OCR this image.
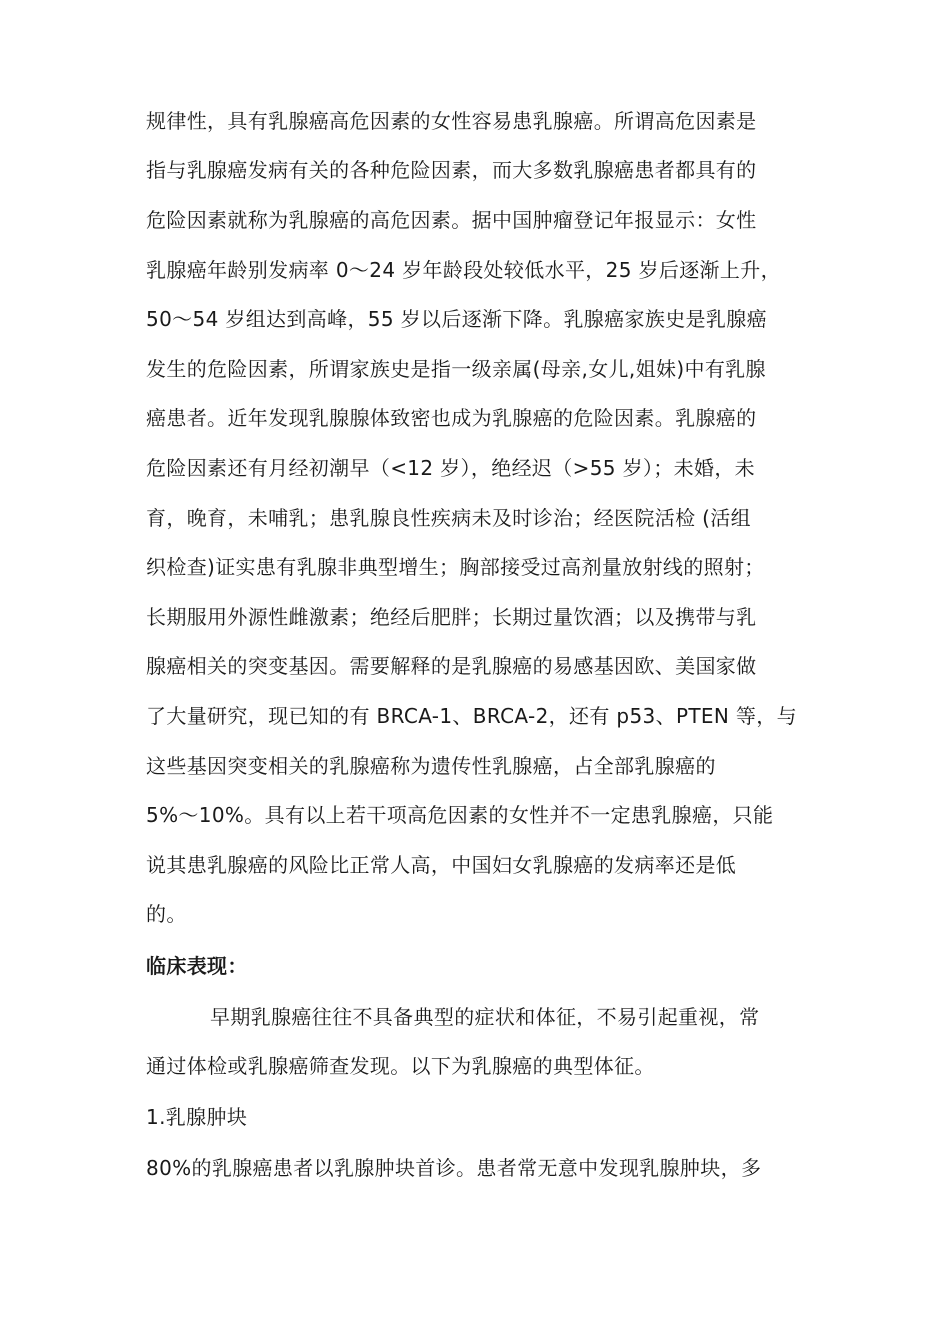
规律性，具有乳腺癌高危因素的女性容易患乳腺癌。所谓高危因素是
指与乳腺癌发病有关的各种危险因素，而大多数乳腺癌患者都具有的
危险因素就称为乳腺癌的高危因素。据中国肿瘤登记年报显示：女性
乳腺癌年龄别发病率 0～24 岁年龄段处较低水平，25 岁后逐渐上升，
50～54 岁组达到高峰，55 岁以后逐渐下降。乳腺癌家族史是乳腺癌
发生的危险因素，所谓家族史是指一级亲属(母亲,女儿,姐妹)中有乳腺
癌患者。近年发现乳腺腺体致密也成为乳腺癌的危险因素。乳腺癌的
危险因素还有月经初潮早（<12 岁），绝经迟（>55 岁）；未婚，未
育，晚育，未哺乳；患乳腺良性疾病未及时诊治；经医院活检 (活组
织检查)证实患有乳腺非典型增生；胸部接受过高剂量放射线的照射；
长期服用外源性雌激素；绝经后肥胖；长期过量饮酒；以及携带与乳
腺癌相关的突变基因。需要解释的是乳腺癌的易感基因欧、美国家做
了大量研究，现已知的有 BRCA-1、BRCA-2，还有 p53、PTEN 等，与
这些基因突变相关的乳腺癌称为遗传性乳腺癌，占全部乳腺癌的
5%～10%。具有以上若干项高危因素的女性并不一定患乳腺癌，只能
说其患乳腺癌的风险比正常人高，中国妇女乳腺癌的发病率还是低
的。
临床表现：
早期乳腺癌往往不具备典型的症状和体征，不易引起重视，常
通过体检或乳腺癌筛查发现。以下为乳腺癌的典型体征。
1.乳腺肿块
80%的乳腺癌患者以乳腺肿块首诊。患者常无意中发现乳腺肿块，多
